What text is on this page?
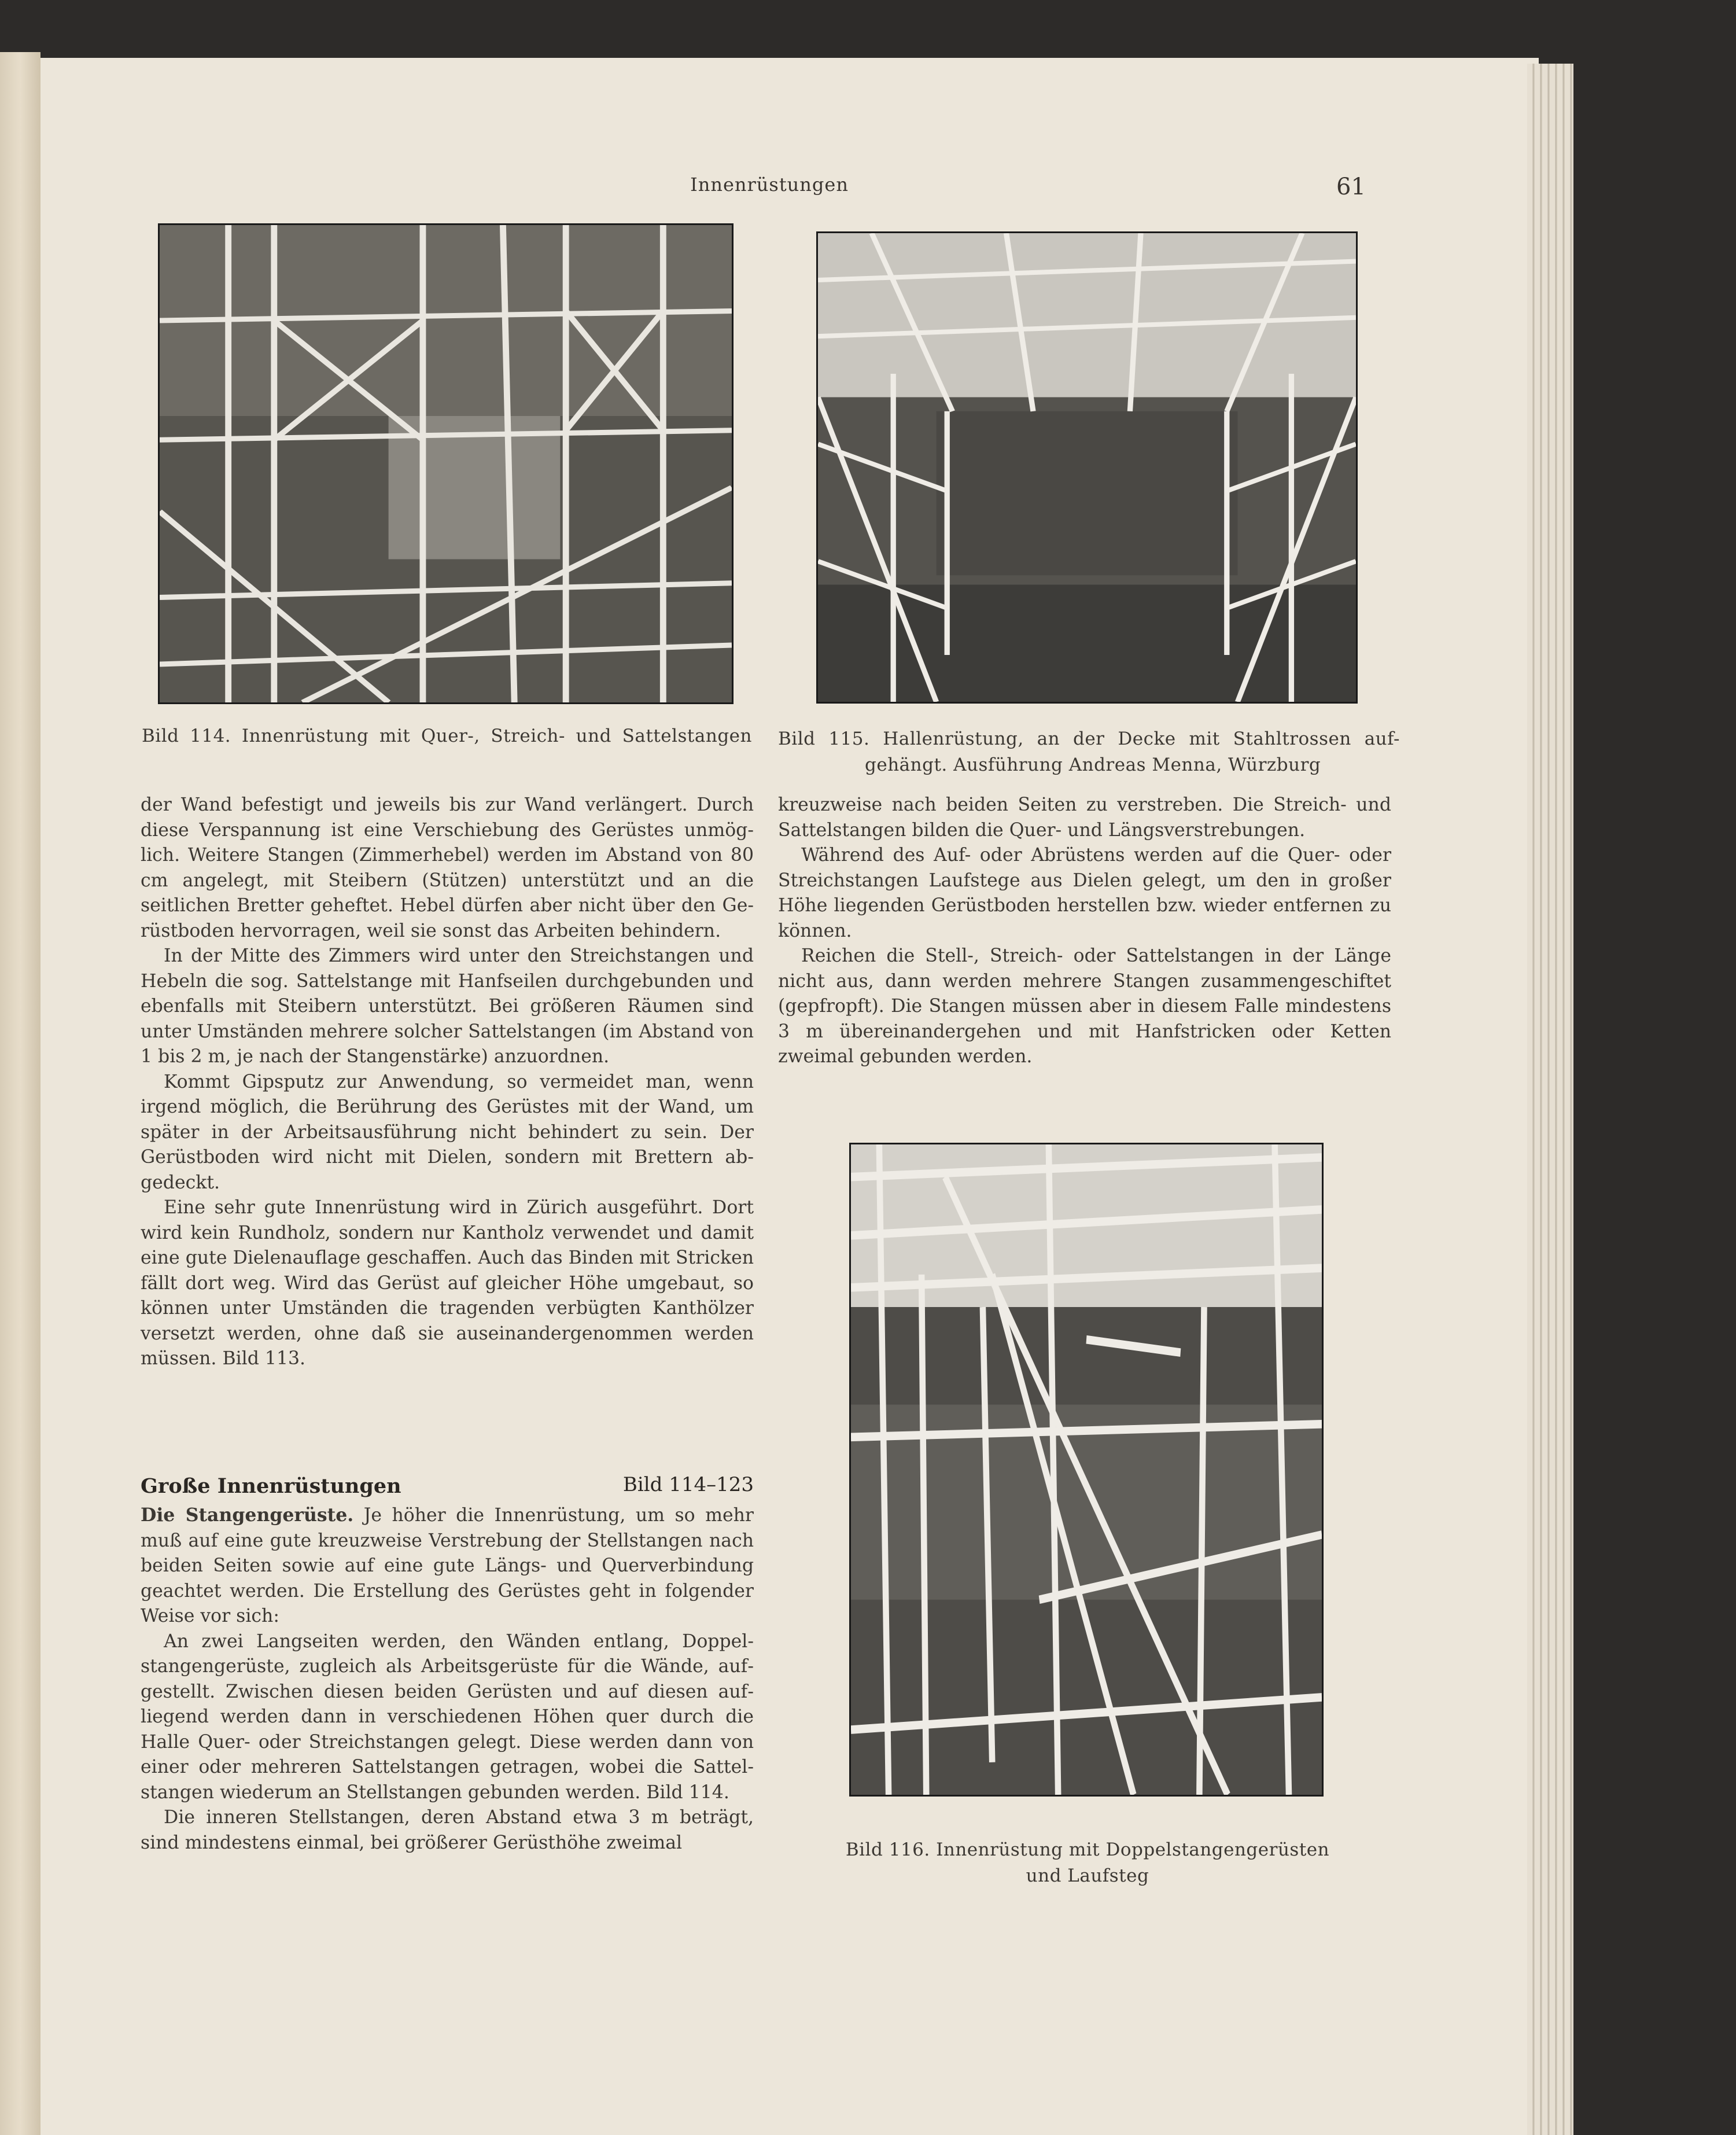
Innenrüstungen	61
Bild 114. Innenrüstung mit Quer-, Streich- und Sattelstangen Bild 115. Hallenrüstung, an der Decke mit Stahltrossen auf-
gehängt. Ausführung Andreas Menna, Würzburg

der Wand befestigt und jeweils bis zur Wand verlängert. Durch diese Verspannung ist eine Verschiebung des Gerüstes unmöglich. Weitere Stangen (Zimmerhebel) werden im Abstand von 80 cm angelegt, mit Steibern (Stützen) unterstützt und an die seitlichen Bretter geheftet. Hebel dürfen aber nicht über den Gerüstboden hervorragen, weil sie sonst das Arbeiten behindern.

In der Mitte des Zimmers wird unter den Streichstangen und Hebeln die sog. Sattelstange mit Hanfseilen durchgebunden und ebenfalls mit Steibern unterstützt. Bei größeren Räumen sind unter Umständen mehrere solcher Sattelstangen (im Abstand von 1 bis 2 m, je nach der Stangenstärke) anzuordnen.

Kommt Gipsputz zur Anwendung, so vermeidet man, wenn irgend möglich, die Berührung des Gerüstes mit der Wand, um später in der Arbeitsausführung nicht behindert zu sein. Der Gerüstboden wird nicht mit Dielen, sondern mit Brettern abgedeckt.

Eine sehr gute Innenrüstung wird in Zürich ausgeführt. Dort wird kein Rundholz, sondern nur Kantholz verwendet und damit eine gute Dielenauflage geschaffen. Auch das Binden mit Stricken fällt dort weg. Wird das Gerüst auf gleicher Höhe umgebaut, so können unter Umständen die tragenden verbügten Kanthölzer versetzt werden, ohne daß sie auseinandergenommen werden müssen. Bild 113.

Große Innenrüstungen	Bild 114–123

Die Stangengerüste. Je höher die Innenrüstung, um so mehr muß auf eine gute kreuzweise Verstrebung der Stellstangen nach beiden Seiten sowie auf eine gute Längs- und Querverbindung geachtet werden. Die Erstellung des Gerüstes geht in folgender Weise vor sich:

An zwei Langseiten werden, den Wänden entlang, Doppelstangengerüste, zugleich als Arbeitsgerüste für die Wände, aufgestellt. Zwischen diesen beiden Gerüsten und auf diesen aufliegend werden dann in verschiedenen Höhen quer durch die Halle Quer- oder Streichstangen gelegt. Diese werden dann von einer oder mehreren Sattelstangen getragen, wobei die Sattelstangen wiederum an Stellstangen gebunden werden. Bild 114.

Die inneren Stellstangen, deren Abstand etwa 3 m beträgt, sind mindestens einmal, bei größerer Gerüsthöhe zweimal

kreuzweise nach beiden Seiten zu verstreben. Die Streich- und Sattelstangen bilden die Quer- und Längsverstrebungen.

Während des Auf- oder Abrüstens werden auf die Quer- oder Streichstangen Laufstege aus Dielen gelegt, um den in großer Höhe liegenden Gerüstboden herstellen bzw. wieder entfernen zu können.

Reichen die Stell-, Streich- oder Sattelstangen in der Länge nicht aus, dann werden mehrere Stangen zusammengeschiftet (gepfropft). Die Stangen müssen aber in diesem Falle mindestens 3 m übereinandergehen und mit Hanfstricken oder Ketten zweimal gebunden werden.

Bild 116. Innenrüstung mit Doppelstangengerüsten
und Laufsteg
